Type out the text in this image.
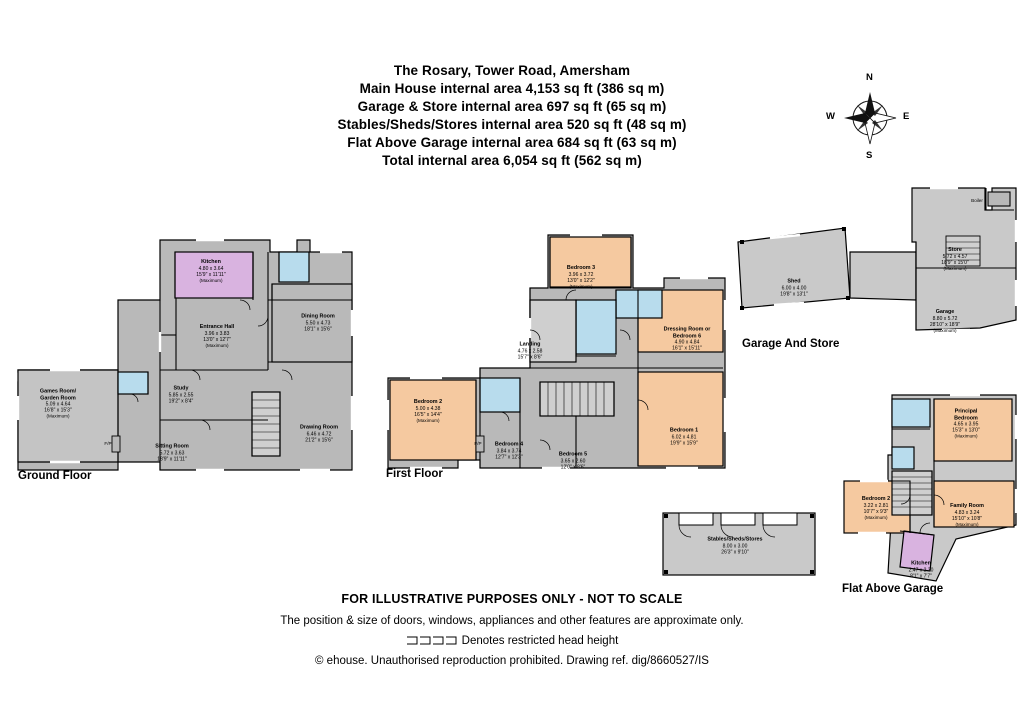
The Rosary, Tower Road, Amersham
Main House internal area 4,153 sq ft (386 sq m)
Garage & Store internal area 697 sq ft (65 sq m)
Stables/Sheds/Stores internal area 520 sq ft (48 sq m)
Flat Above Garage internal area 684 sq ft (63 sq m)
Total internal area 6,054 sq ft (562 sq m)
N
S
E
W
Kitchen
4.80 x 3.64
15'9" x 11'11"
(Maximum)
Entrance Hall
3.96 x 3.83
13'0" x 12'7"
(Maximum)
Dining Room
5.50 x 4.73
18'1" x 15'6"
Games Room/
Garden Room
5.09 x 4.64
16'8" x 15'3"
(Maximum)
Study
5.85 x 2.55
19'2" x 8'4"
Sitting Room
5.72 x 3.63
18'9" x 11'11"
Drawing Room
6.46 x 4.72
21'2" x 15'6"
F/P
Ground Floor
Bedroom 3
3.96 x 3.72
13'0" x 12'2"
(Maximum)
Dressing Room or
Bedroom 6
4.90 x 4.84
16'1" x 15'11"
Landing
4.76 x 2.58
15'7" x 8'6"
Bedroom 2
5.00 x 4.38
16'5" x 14'4"
(Maximum)
Bedroom 1
6.02 x 4.81
19'9" x 15'9"
Bedroom 4
3.84 x 3.74
12'7" x 12'3"	Bedroom 5
3.65 x 2.60
12'0" x 8'6"
F/P
First Floor
Shed
6.00 x 4.00
19'8" x 13'1"
Store
5.72 x 4.57
18'9" x 15'0"
(Maximum)
Garage
8.80 x 5.72
28'10" x 18'9"
(Maximum)
Boiler
Garage And Store
Stables/Sheds/Stores
8.00 x 3.00
26'3" x 9'10"
Principal
Bedroom
4.65 x 3.95
15'3" x 13'0"
(Maximum)
Bedroom 2
3.22 x 2.81
10'7" x 9'3"
(Maximum)
Family Room
4.83 x 3.24
15'10" x 10'8"
(Maximum)
Kitchen
2.47 x 2.30
8'1" x 7'7"
Flat Above Garage
FOR ILLUSTRATIVE PURPOSES ONLY - NOT TO SCALE
The position & size of doors, windows, appliances and other features are approximate only.
Denotes restricted head height
© ehouse. Unauthorised reproduction prohibited. Drawing ref. dig/8660527/IS
